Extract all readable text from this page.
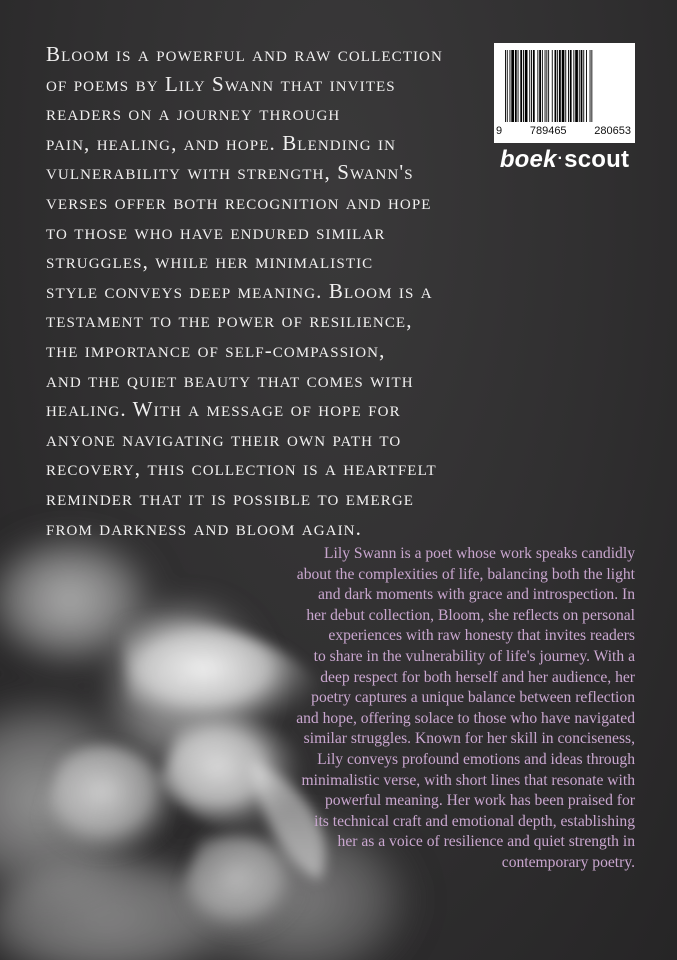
Bloom is a powerful and raw collection
of poems by Lily Swann that invites
readers on a journey through
pain, healing, and hope. Blending in
vulnerability with strength, Swann's
verses offer both recognition and hope
to those who have endured similar
struggles, while her minimalistic
style conveys deep meaning. Bloom is a
testament to the power of resilience,
the importance of self-compassion,
and the quiet beauty that comes with
healing. With a message of hope for
anyone navigating their own path to
recovery, this collection is a heartfelt
reminder that it is possible to emerge
from darkness and bloom again.

9	789465	280653
boek·scout

Lily Swann is a poet whose work speaks candidly
about the complexities of life, balancing both the light
and dark moments with grace and introspection. In
her debut collection, Bloom, she reflects on personal
experiences with raw honesty that invites readers
to share in the vulnerability of life's journey. With a
deep respect for both herself and her audience, her
poetry captures a unique balance between reflection
and hope, offering solace to those who have navigated
similar struggles. Known for her skill in conciseness,
Lily conveys profound emotions and ideas through
minimalistic verse, with short lines that resonate with
powerful meaning. Her work has been praised for
its technical craft and emotional depth, establishing
her as a voice of resilience and quiet strength in
contemporary poetry.
